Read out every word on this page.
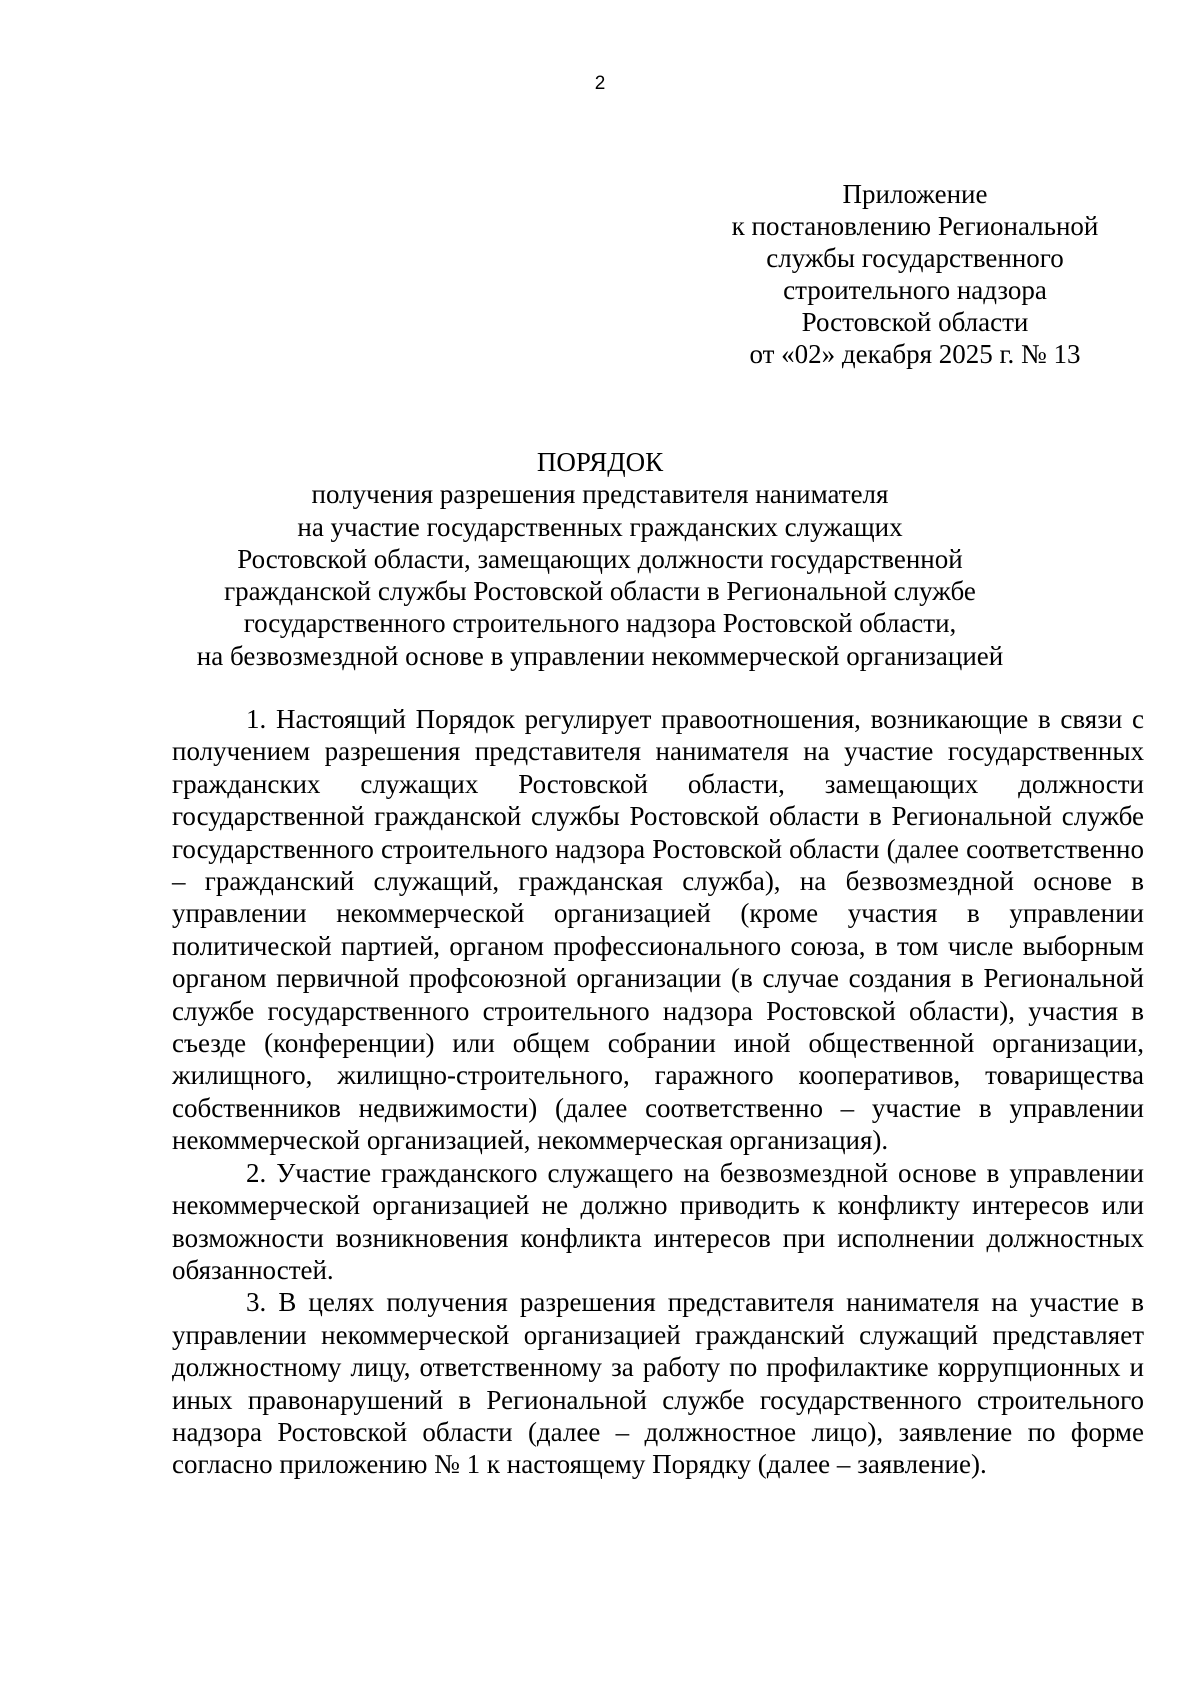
2
Приложение
к постановлению Региональной
службы государственного
строительного надзора
Ростовской области
от «02» декабря 2025 г. № 13
ПОРЯДОК
получения разрешения представителя нанимателя
на участие государственных гражданских служащих
Ростовской области, замещающих должности государственной
гражданской службы Ростовской области в Региональной службе
государственного строительного надзора Ростовской области,
на безвозмездной основе в управлении некоммерческой организацией

1. Настоящий Порядок регулирует правоотношения, возникающие в связи с получением разрешения представителя нанимателя на участие государственных гражданских служащих Ростовской области, замещающих должности государственной гражданской службы Ростовской области в Региональной службе государственного строительного надзора Ростовской области (далее соответственно – гражданский служащий, гражданская служба), на безвозмездной основе в управлении некоммерческой организацией (кроме участия в управлении политической партией, органом профессионального союза, в том числе выборным органом первичной профсоюзной организации (в случае создания в Региональной службе государственного строительного надзора Ростовской области), участия в съезде (конференции) или общем собрании иной общественной организации, жилищного, жилищно-строительного, гаражного кооперативов, товарищества собственников недвижимости) (далее соответственно – участие в управлении некоммерческой организацией, некоммерческая организация).

2. Участие гражданского служащего на безвозмездной основе в управлении некоммерческой организацией не должно приводить к конфликту интересов или возможности возникновения конфликта интересов при исполнении должностных обязанностей.

3. В целях получения разрешения представителя нанимателя на участие в управлении некоммерческой организацией гражданский служащий представляет должностному лицу, ответственному за работу по профилактике коррупционных и иных правонарушений в Региональной службе государственного строительного надзора Ростовской области (далее – должностное лицо), заявление по форме согласно приложению № 1 к настоящему Порядку (далее – заявление).
